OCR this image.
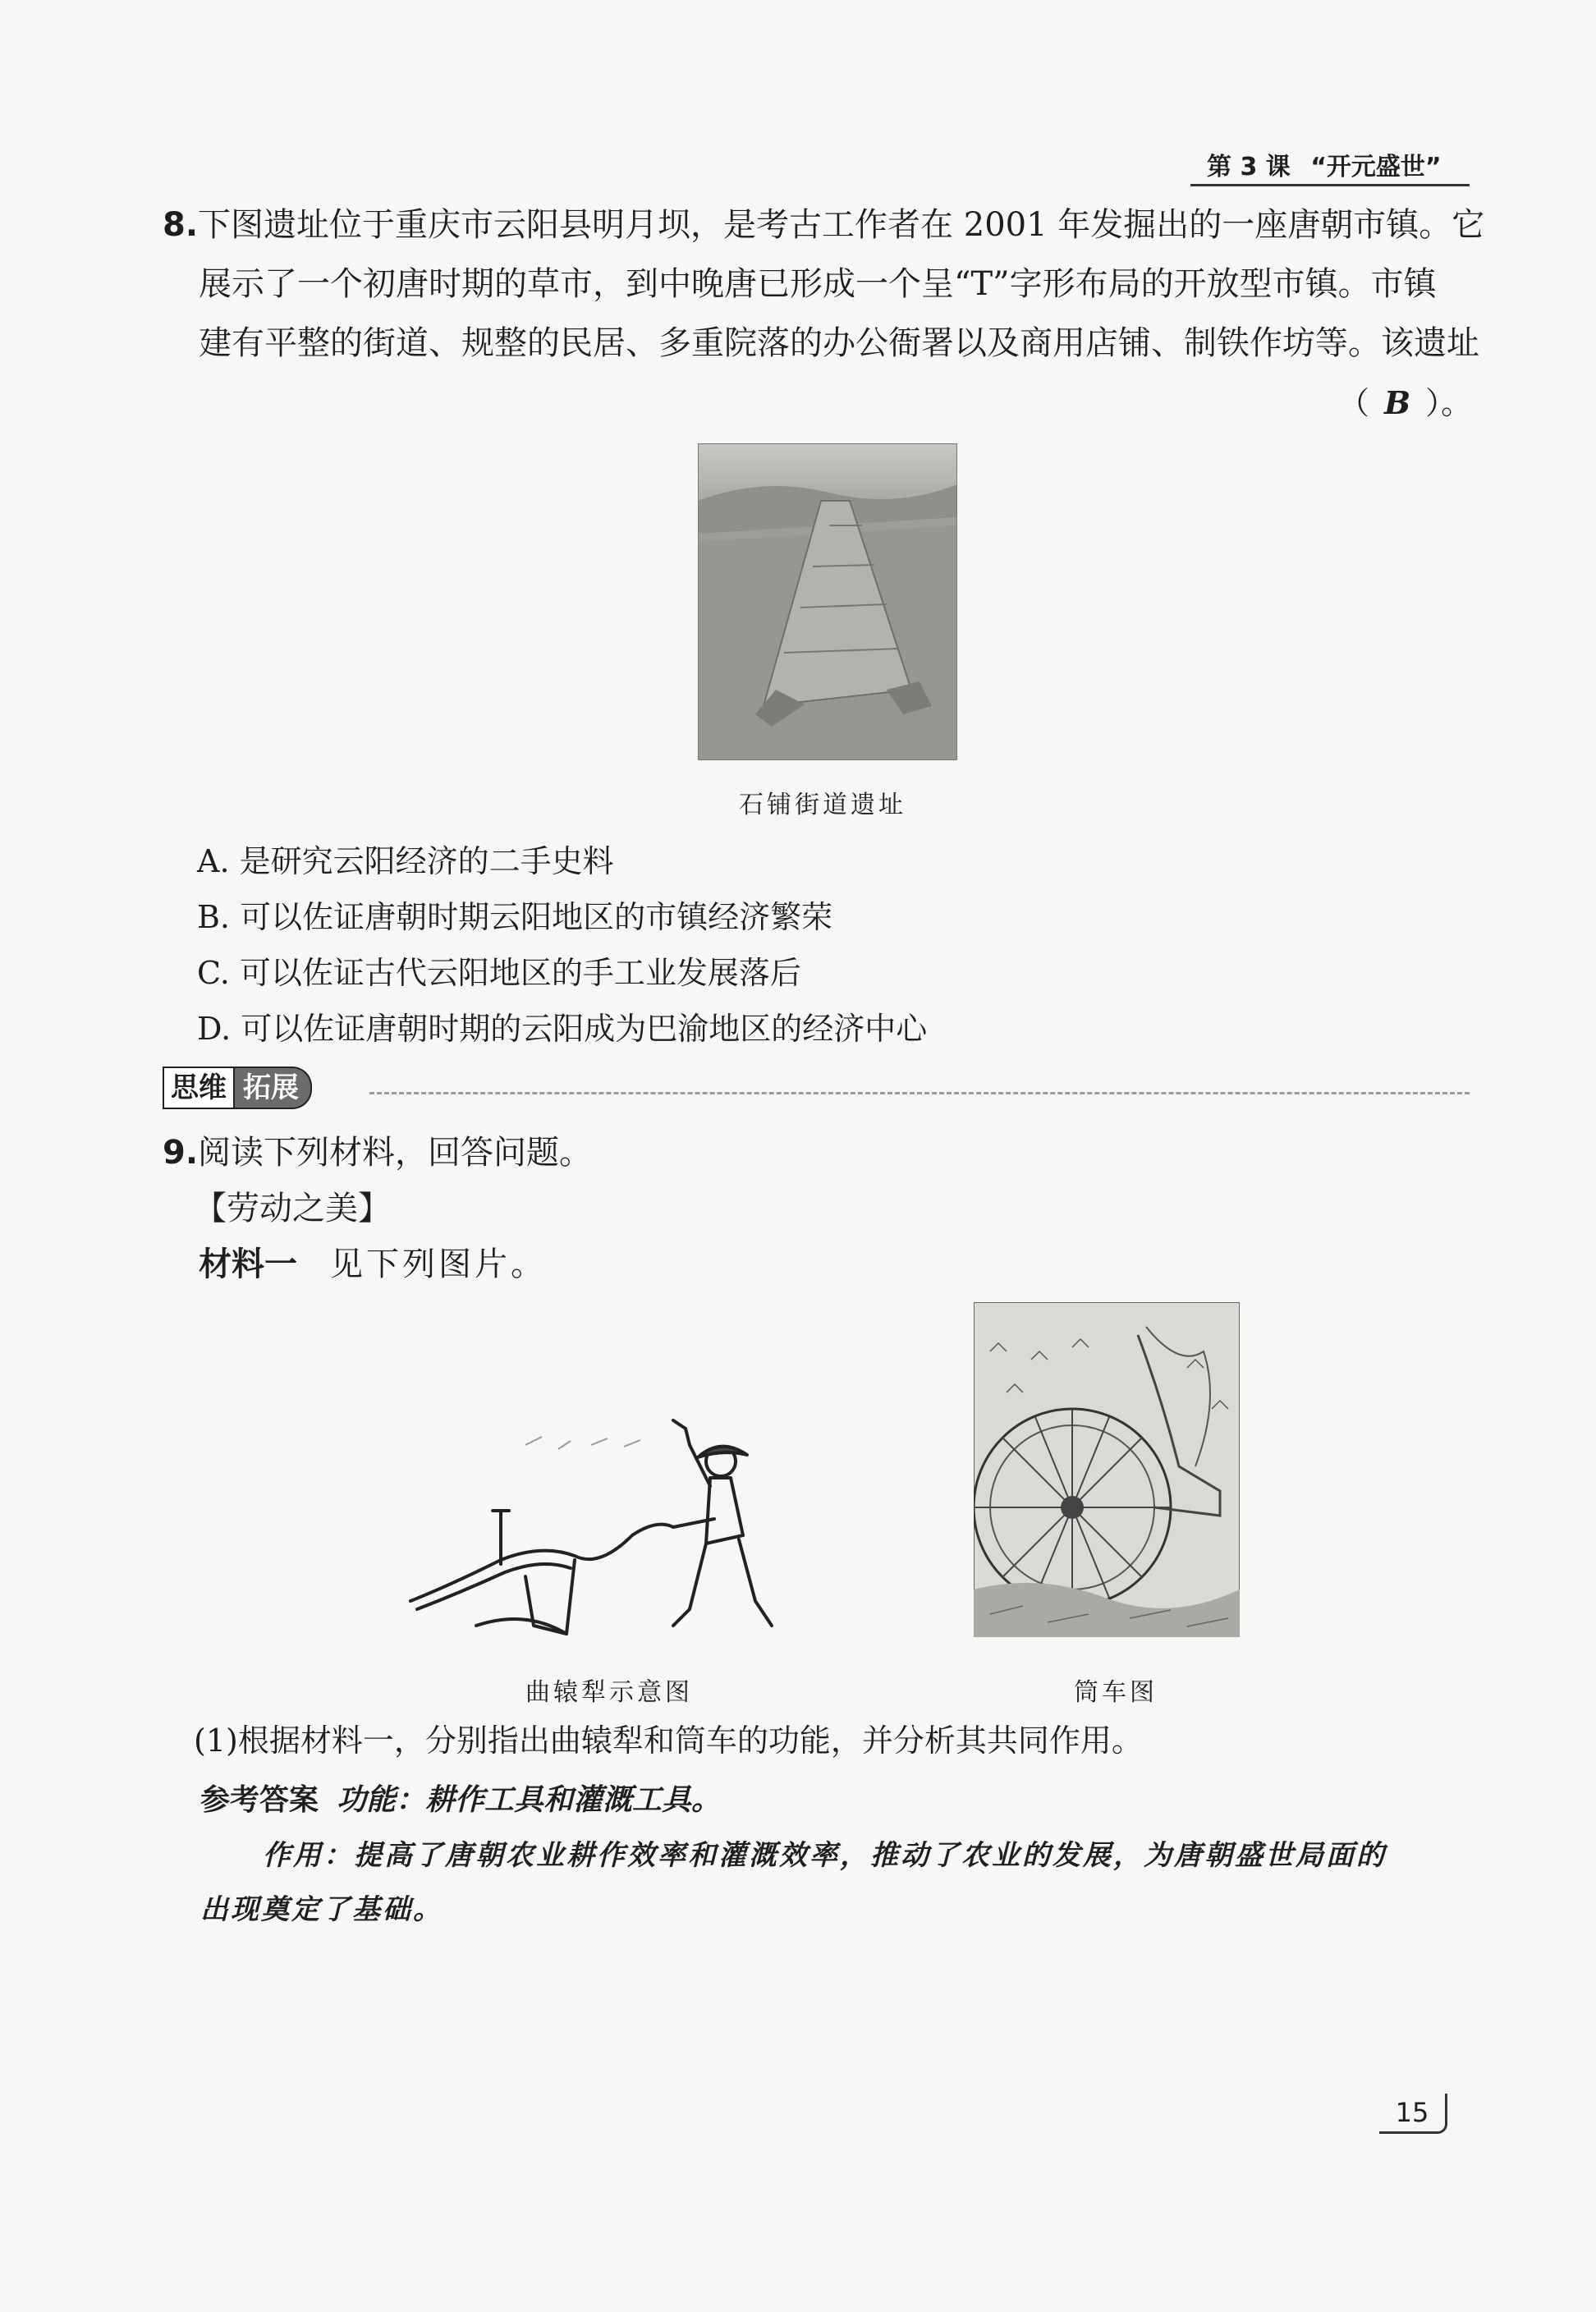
第 3 课 “开元盛世”
8.下图遗址位于重庆市云阳县明月坝，是考古工作者在 2001 年发掘出的一座唐朝市镇。它
展示了一个初唐时期的草市，到中晚唐已形成一个呈“T”字形布局的开放型市镇。市镇
建有平整的街道、规整的民居、多重院落的办公衙署以及商用店铺、制铁作坊等。该遗址
（ B ）。
石铺街道遗址
A. 是研究云阳经济的二手史料
B. 可以佐证唐朝时期云阳地区的市镇经济繁荣
C. 可以佐证古代云阳地区的手工业发展落后
D. 可以佐证唐朝时期的云阳成为巴渝地区的经济中心
思维 拓展
9.阅读下列材料，回答问题。
【劳动之美】
材料一 见下列图片。
曲辕犁示意图	筒车图
(1)根据材料一，分别指出曲辕犁和筒车的功能，并分析其共同作用。
参考答案 功能：耕作工具和灌溉工具。
作用：提高了唐朝农业耕作效率和灌溉效率，推动了农业的发展，为唐朝盛世局面的
出现奠定了基础。
15
